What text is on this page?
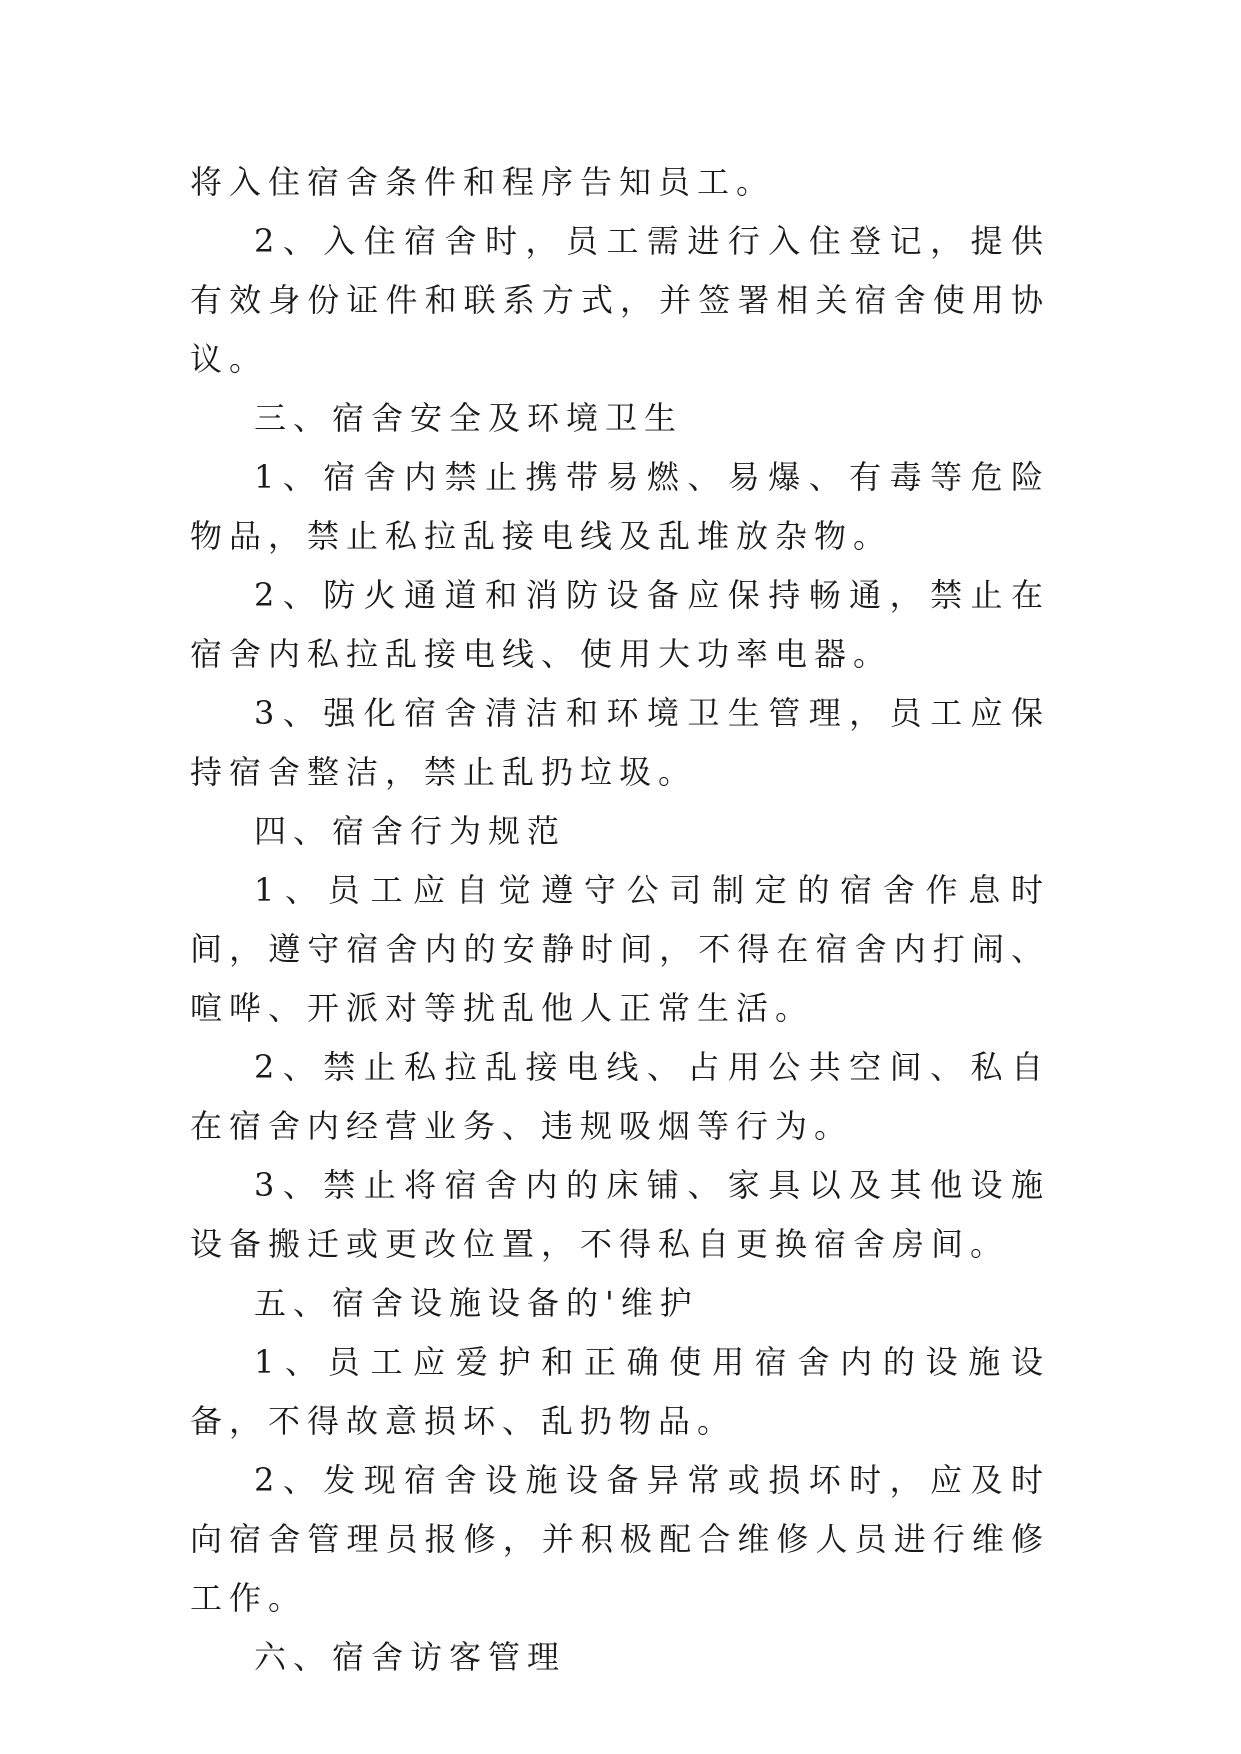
将入住宿舍条件和程序告知员工。

2、入住宿舍时，员工需进行入住登记，提供有效身份证件和联系方式，并签署相关宿舍使用协议。

三、宿舍安全及环境卫生

1、宿舍内禁止携带易燃、易爆、有毒等危险物品，禁止私拉乱接电线及乱堆放杂物。

2、防火通道和消防设备应保持畅通，禁止在宿舍内私拉乱接电线、使用大功率电器。

3、强化宿舍清洁和环境卫生管理，员工应保持宿舍整洁，禁止乱扔垃圾。

四、宿舍行为规范

1、员工应自觉遵守公司制定的宿舍作息时间，遵守宿舍内的安静时间，不得在宿舍内打闹、喧哗、开派对等扰乱他人正常生活。

2、禁止私拉乱接电线、占用公共空间、私自在宿舍内经营业务、违规吸烟等行为。

3、禁止将宿舍内的床铺、家具以及其他设施设备搬迁或更改位置，不得私自更换宿舍房间。

五、宿舍设施设备的'维护

1、员工应爱护和正确使用宿舍内的设施设备，不得故意损坏、乱扔物品。

2、发现宿舍设施设备异常或损坏时，应及时向宿舍管理员报修，并积极配合维修人员进行维修工作。

六、宿舍访客管理
